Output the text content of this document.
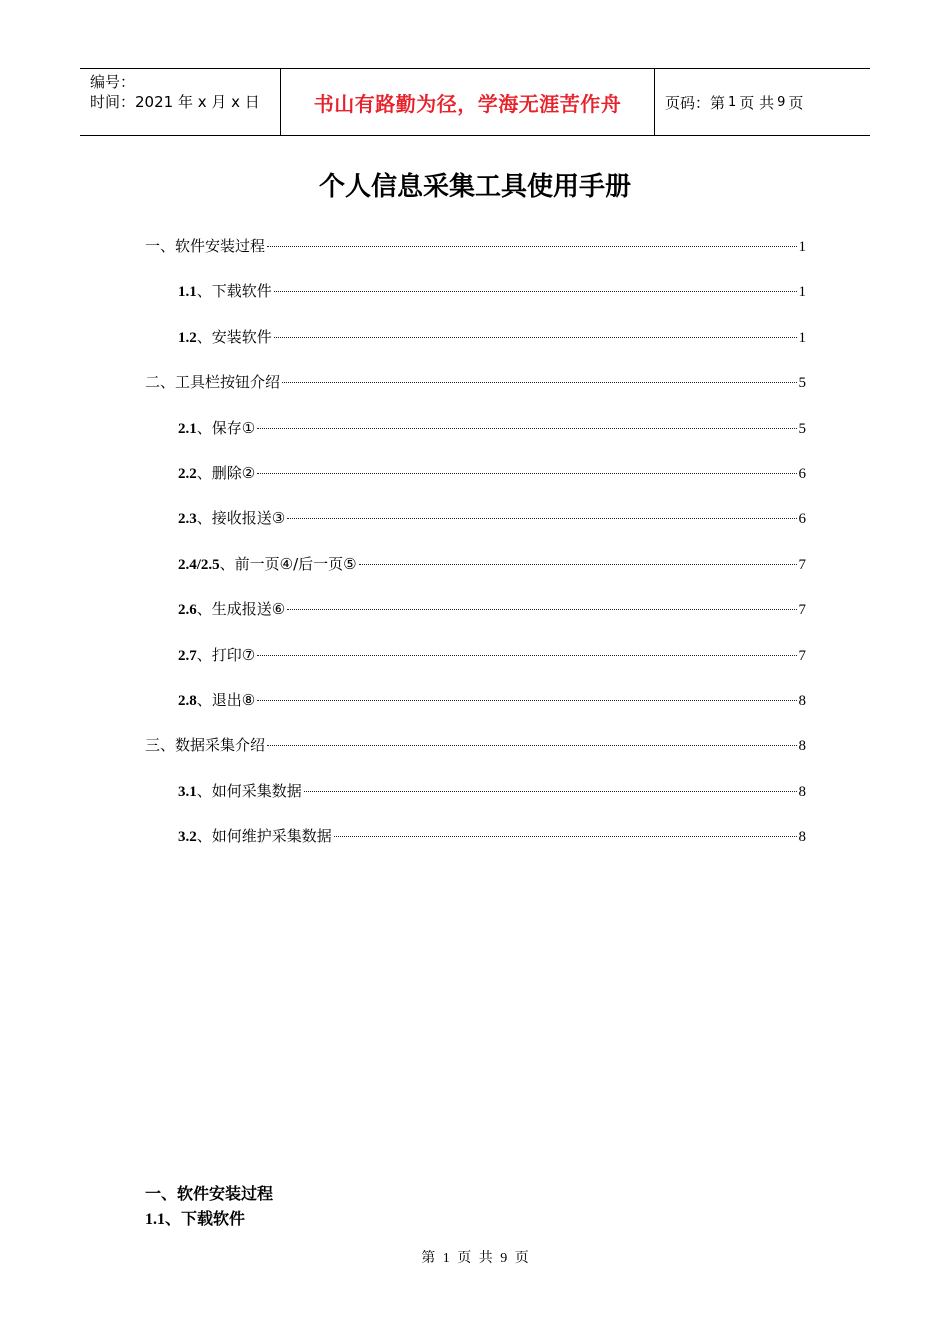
编号：
时间：2021 年 x 月 x 日	书山有路勤为径，学海无涯苦作舟	页码：第 1 页 共 9 页
个人信息采集工具使用手册
一、软件安装过程	1
1.1、下载软件	1
1.2、安装软件	1
二、工具栏按钮介绍	5
2.1、保存①	5
2.2、删除②	6
2.3、接收报送③	6
2.4/2.5、前一页④/后一页⑤	7
2.6、生成报送⑥	7
2.7、打印⑦	7
2.8、退出⑧	8
三、数据采集介绍	8
3.1、如何采集数据	8
3.2、如何维护采集数据	8
一、软件安装过程
1.1、下载软件
第 1 页 共 9 页
